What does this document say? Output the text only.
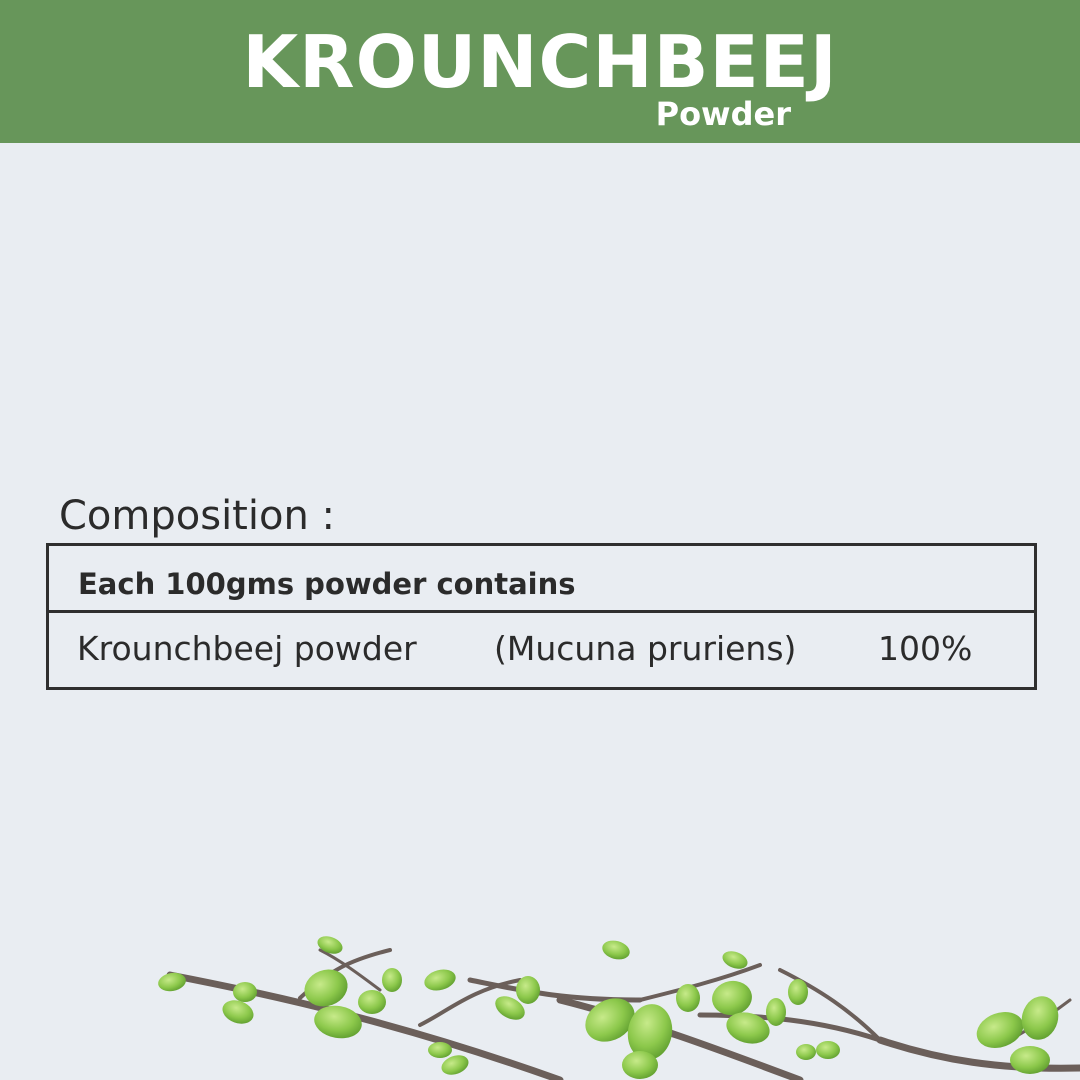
KROUNCHBEEJ
Powder
Composition :
Each 100gms powder contains
Krounchbeej powder (Mucuna pruriens) 100%
